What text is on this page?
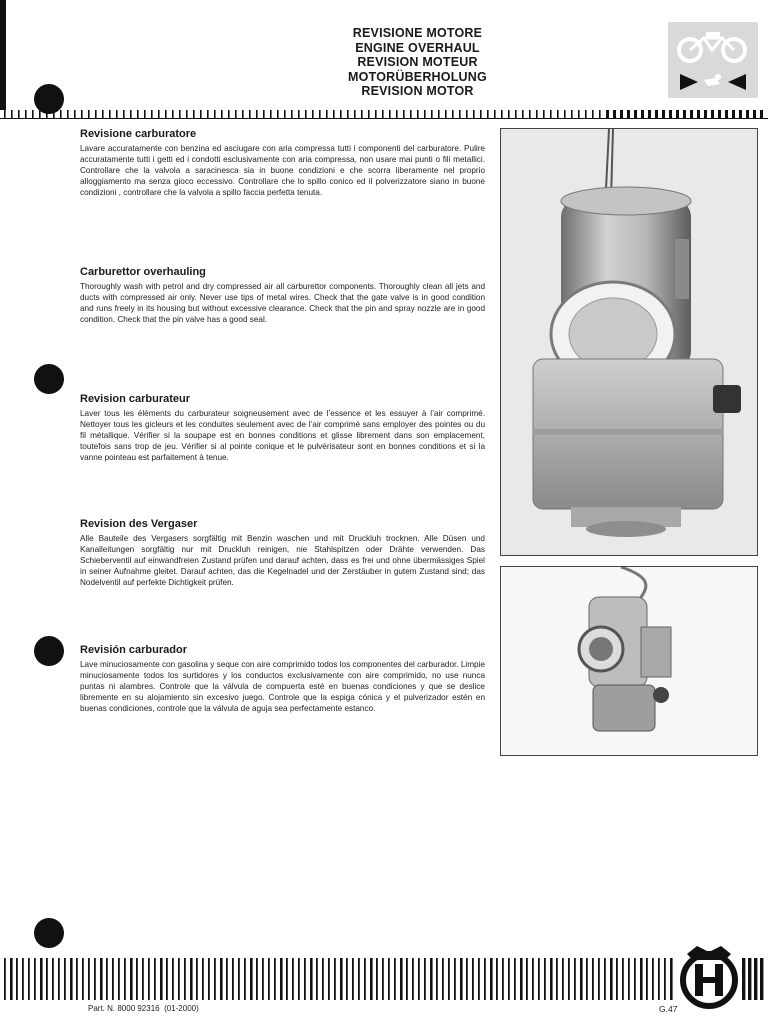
REVISIONE MOTORE
ENGINE OVERHAUL
REVISION MOTEUR
MOTORÜBERHOLUNG
REVISION MOTOR

Revisione carburatore

Lavare accuratamente con benzina ed asciugare con aria compressa tutti i componenti del carburatore. Pulire accuratamente tutti i getti ed i condotti esclusivamente con aria compressa, non usare mai punti o fili metallici. Controllare che la valvola a saracinesca sia in buone condizioni e che scorra liberamente nel proprio alloggiamento ma senza gioco eccessivo. Controllare che lo spillo conico ed il polverizzatore siano in buone condizioni , controllare che la valvola a spillo faccia perfetta tenuta.

Carburettor overhauling

Thoroughly wash with petrol and dry compressed air all carburettor components. Thoroughly clean all jets and ducts with compressed air only. Never use tips of metal wires. Check that the gate valve is in good condition and runs freely in its housing but without excessive clearance. Check that the pin and spray nozzle are in good condition. Check that the pin valve has a good seal.

Revision carburateur

Laver tous les éléments du carburateur soigneusement avec de l’essence et les essuyer à l’air comprimé. Nettoyer tous les gicleurs et les conduites seulement avec de l’air comprimé sans employer des pointes ou du fil métallique. Vérifier si la soupape est en bonnes conditions et glisse librement dans son emplacement, toutefois sans trop de jeu. Vérifier si al pointe conique et le pulvérisateur sont en bonnes conditions et si la vanne pointeau est parfaitement à tenue.

Revision des Vergaser

Alle Bauteile des Vergasers sorgfältig mit Benzin waschen und mit Druckluh trocknen. Alle Düsen und Kanalleitungen sorgfältig nur mit Druckluh reinigen, nie Stahlspitzen oder Drähte verwenden. Das Schieberventil auf einwandfreien Zustand prüfen und darauf achten, dass es frei und ohne übermässiges Spiel in seiner Aufnahme gleitet. Darauf achten, das die Kegelnadel und der Zerstäuber in gutem Zustand sind; das Nodelventil auf perfekte Dichtigkeit prüfen.

Revisión carburador

Lave minuciosamente con gasolina y seque con aire comprimido todos los componentes del carburador. Limpie minuciosamente todos los surtidores y los conductos exclusivamente con aire comprimido, no use nunca puntas ni alambres. Controle que la válvula de compuerta esté en buenas condiciones y que se deslice libremente en su alojamiento sin excesivo juego. Controle que la espiga cónica y el pulverizador estén en buenas condiciones, controle que la válvula de aguja sea perfectamente estanco.

Part. N. 8000 92316 (01-2000)	G.47
